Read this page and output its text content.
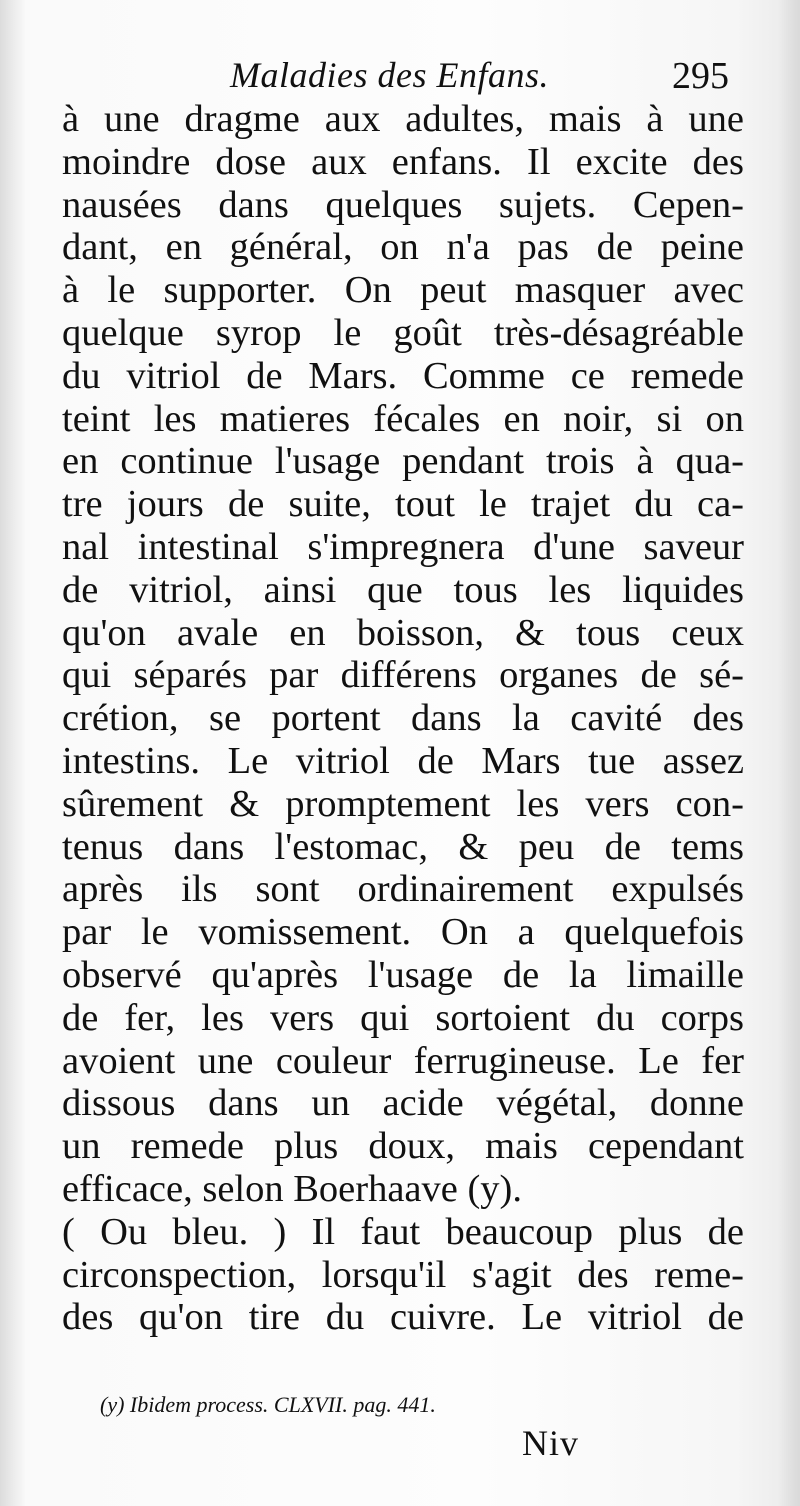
Maladies des Enfans.	295
à une dragme aux adultes, mais à une
moindre dose aux enfans. Il excite des
nausées dans quelques sujets. Cepen-
dant, en général, on n'a pas de peine
à le supporter. On peut masquer avec
quelque syrop le goût très-désagréable
du vitriol de Mars. Comme ce remede
teint les matieres fécales en noir, si on
en continue l'usage pendant trois à qua-
tre jours de suite, tout le trajet du ca-
nal intestinal s'impregnera d'une saveur
de vitriol, ainsi que tous les liquides
qu'on avale en boisson, & tous ceux
qui séparés par différens organes de sé-
crétion, se portent dans la cavité des
intestins. Le vitriol de Mars tue assez
sûrement & promptement les vers con-
tenus dans l'estomac, & peu de tems
après ils sont ordinairement expulsés
par le vomissement. On a quelquefois
observé qu'après l'usage de la limaille
de fer, les vers qui sortoient du corps
avoient une couleur ferrugineuse. Le fer
dissous dans un acide végétal, donne
un remede plus doux, mais cependant
efficace, selon Boerhaave (y).
( Ou bleu. ) Il faut beaucoup plus de
circonspection, lorsqu'il s'agit des reme-
des qu'on tire du cuivre. Le vitriol de
(y) Ibidem process. CLXVII. pag. 441.
Niv
